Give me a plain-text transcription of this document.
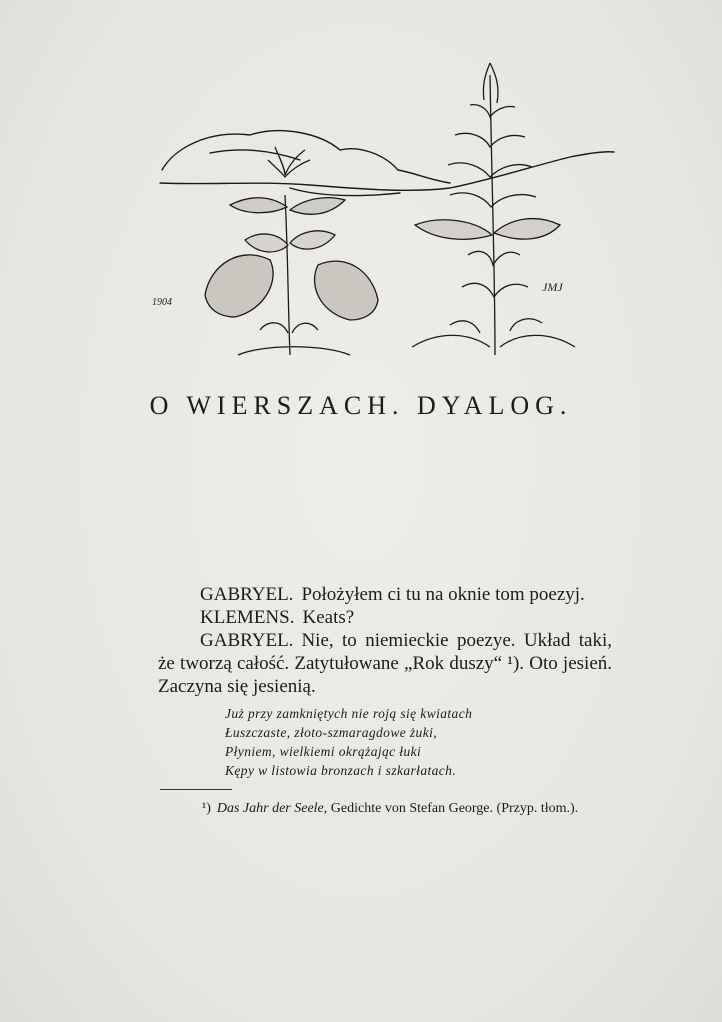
1904
JMJ
O WIERSZACH. DYALOG.

GABRYEL. Położyłem ci tu na oknie tom poezyj.

KLEMENS. Keats?

GABRYEL. Nie, to niemieckie poezye. Układ taki, że tworzą całość. Zatytułowane „Rok duszy“ ¹). Oto jesień. Zaczyna się jesienią.

Już przy zamkniętych nie roją się kwiatach
Łuszczaste, złoto-szmaragdowe żuki,
Płyniem, wielkiemi okrążając łuki
Kępy w listowia bronzach i szkarłatach.
¹) Das Jahr der Seele, Gedichte von Stefan George. (Przyp. tłom.).
